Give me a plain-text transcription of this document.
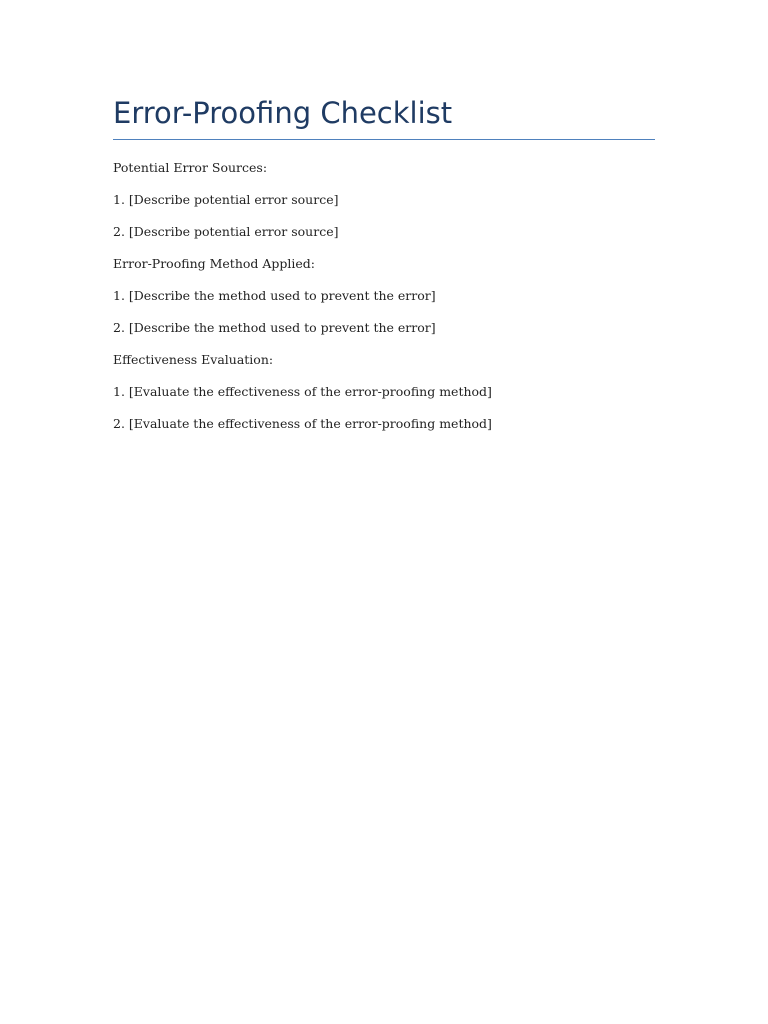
Error-Proofing Checklist

Potential Error Sources:

1. [Describe potential error source]

2. [Describe potential error source]

Error-Proofing Method Applied:

1. [Describe the method used to prevent the error]

2. [Describe the method used to prevent the error]

Effectiveness Evaluation:

1. [Evaluate the effectiveness of the error-proofing method]

2. [Evaluate the effectiveness of the error-proofing method]
